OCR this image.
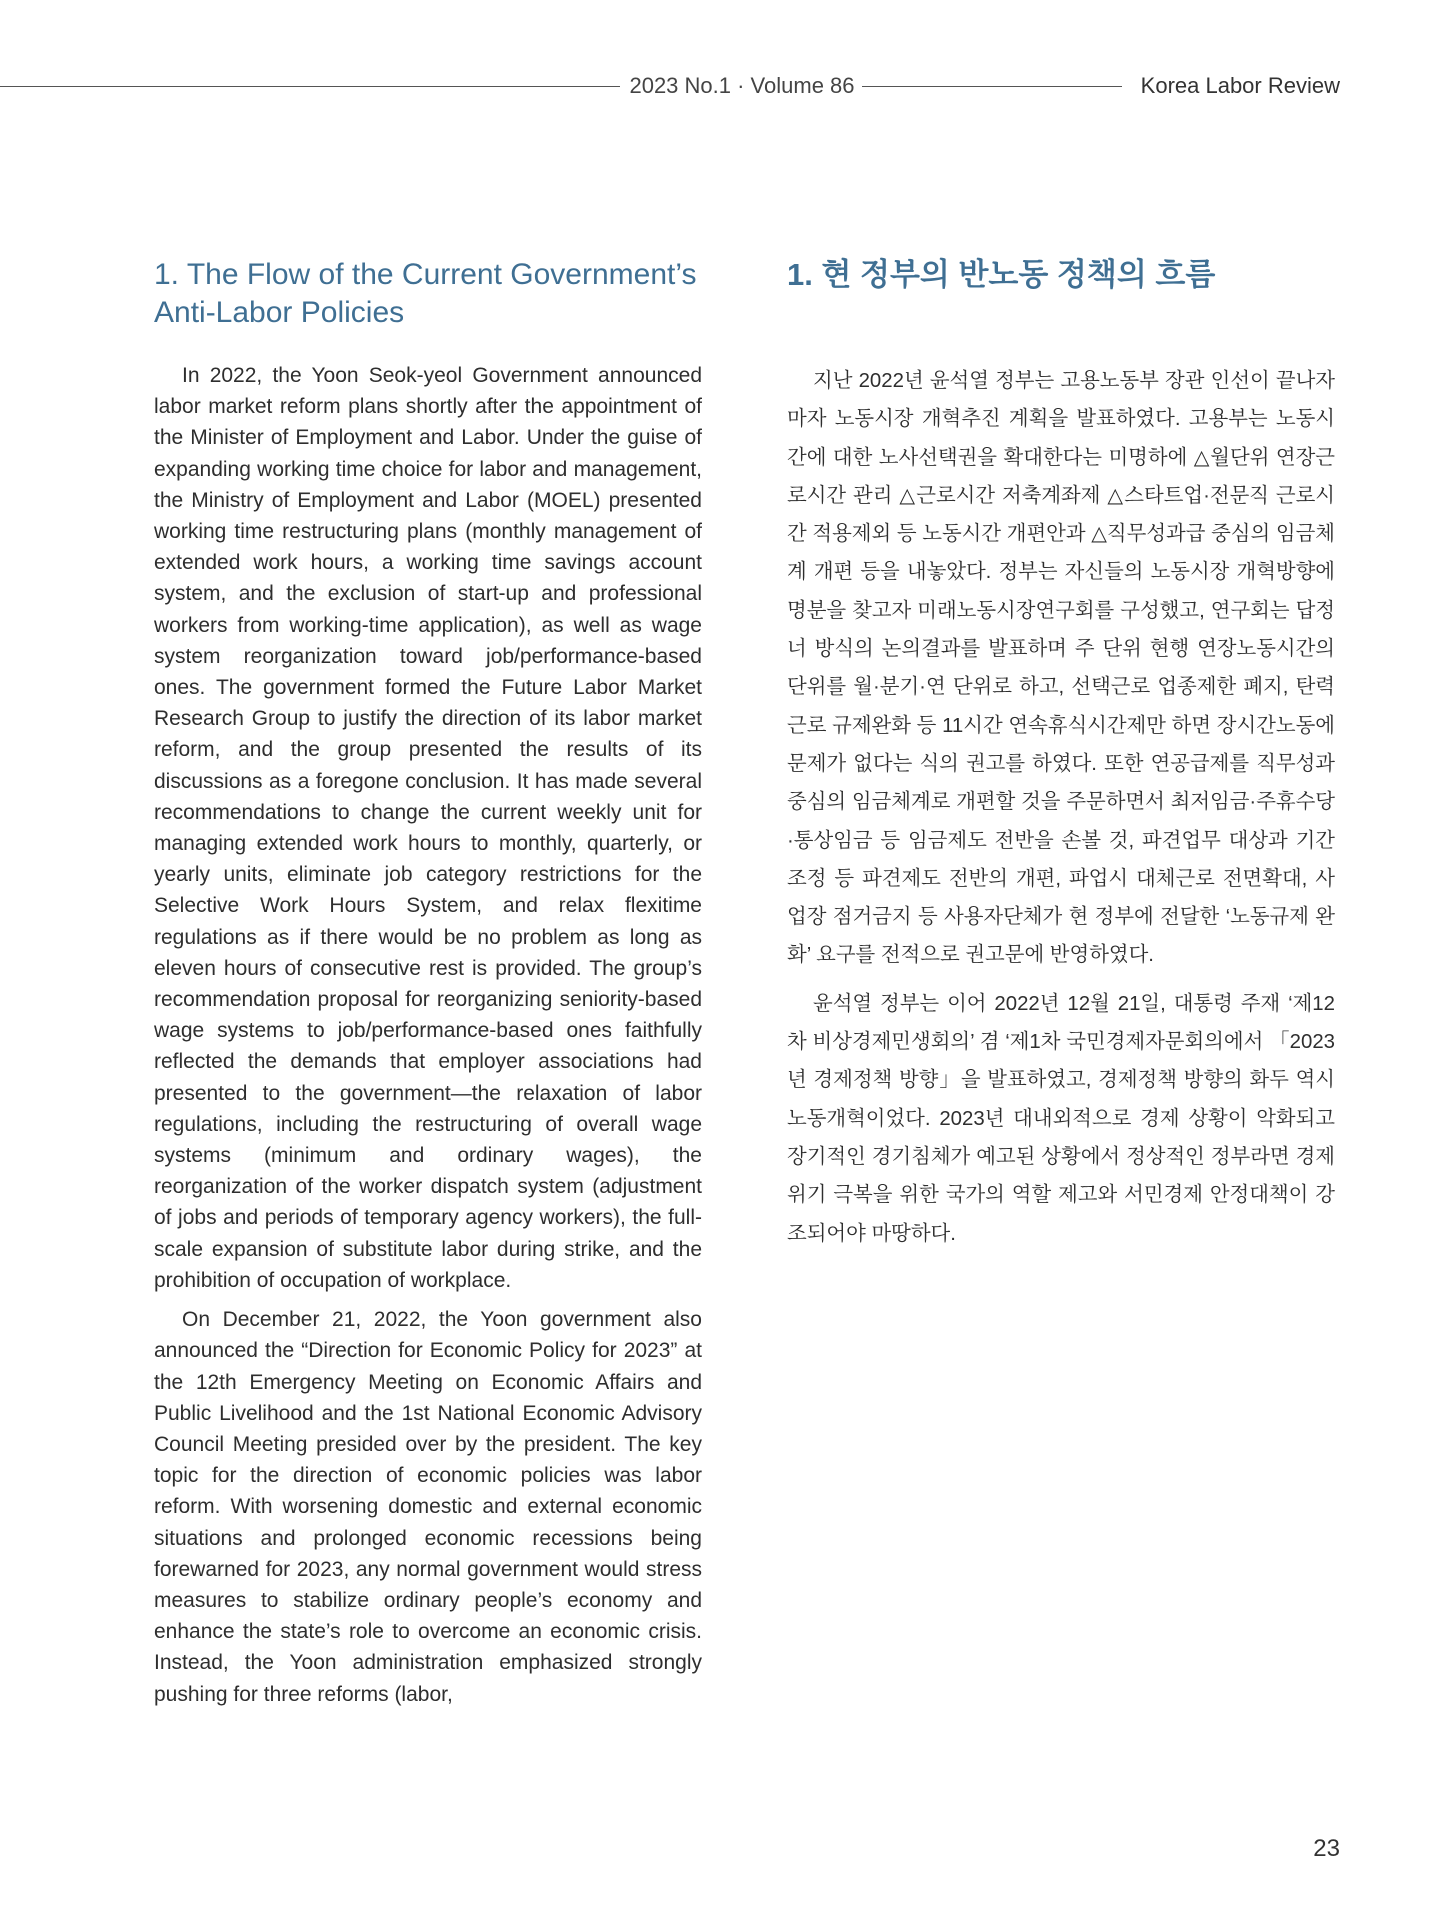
2023 No.1 · Volume 86	Korea Labor Review
1. The Flow of the Current Government’s Anti-Labor Policies

In 2022, the Yoon Seok-yeol Government announced labor market reform plans shortly after the appointment of the Minister of Employment and Labor. Under the guise of expanding working time choice for labor and management, the Ministry of Employment and Labor (MOEL) presented working time restructuring plans (monthly management of extended work hours, a working time savings account system, and the exclusion of start-up and professional workers from working-time application), as well as wage system reorganization toward job/performance-based ones. The government formed the Future Labor Market Research Group to justify the direction of its labor market reform, and the group presented the results of its discussions as a foregone conclusion. It has made several recommendations to change the current weekly unit for managing extended work hours to monthly, quarterly, or yearly units, eliminate job category restrictions for the Selective Work Hours System, and relax flexitime regulations as if there would be no problem as long as eleven hours of consecutive rest is provided. The group’s recommendation proposal for reorganizing seniority-based wage systems to job/performance-based ones faithfully reflected the demands that employer associations had presented to the government—the relaxation of labor regulations, including the restructuring of overall wage systems (minimum and ordinary wages), the reorganization of the worker dispatch system (adjustment of jobs and periods of temporary agency workers), the full-scale expansion of substitute labor during strike, and the prohibition of occupation of workplace.

On December 21, 2022, the Yoon government also announced the “Direction for Economic Policy for 2023” at the 12th Emergency Meeting on Economic Affairs and Public Livelihood and the 1st National Economic Advisory Council Meeting presided over by the president. The key topic for the direction of economic policies was labor reform. With worsening domestic and external economic situations and prolonged economic recessions being forewarned for 2023, any normal government would stress measures to stabilize ordinary people’s economy and enhance the state’s role to overcome an economic crisis. Instead, the Yoon administration emphasized strongly pushing for three reforms (labor,

1. 현 정부의 반노동 정책의 흐름

지난 2022년 윤석열 정부는 고용노동부 장관 인선이 끝나자 마자 노동시장 개혁추진 계획을 발표하였다. 고용부는 노동시간에 대한 노사선택권을 확대한다는 미명하에 △월단위 연장근로시간 관리 △근로시간 저축계좌제 △스타트업·전문직 근로시간 적용제외 등 노동시간 개편안과 △직무성과급 중심의 임금체계 개편 등을 내놓았다. 정부는 자신들의 노동시장 개혁방향에 명분을 찾고자 미래노동시장연구회를 구성했고, 연구회는 답정너 방식의 논의결과를 발표하며 주 단위 현행 연장노동시간의 단위를 월·분기·연 단위로 하고, 선택근로 업종제한 폐지, 탄력근로 규제완화 등 11시간 연속휴식시간제만 하면 장시간노동에 문제가 없다는 식의 권고를 하였다. 또한 연공급제를 직무성과 중심의 임금체계로 개편할 것을 주문하면서 최저임금·주휴수당·통상임금 등 임금제도 전반을 손볼 것, 파견업무 대상과 기간 조정 등 파견제도 전반의 개편, 파업시 대체근로 전면확대, 사업장 점거금지 등 사용자단체가 현 정부에 전달한 ‘노동규제 완화’ 요구를 전적으로 권고문에 반영하였다.

윤석열 정부는 이어 2022년 12월 21일, 대통령 주재 ‘제12차 비상경제민생회의’ 겸 ‘제1차 국민경제자문회의에서 「2023년 경제정책 방향」을 발표하였고, 경제정책 방향의 화두 역시 노동개혁이었다. 2023년 대내외적으로 경제 상황이 악화되고 장기적인 경기침체가 예고된 상황에서 정상적인 정부라면 경제위기 극복을 위한 국가의 역할 제고와 서민경제 안정대책이 강조되어야 마땅하다.

23
